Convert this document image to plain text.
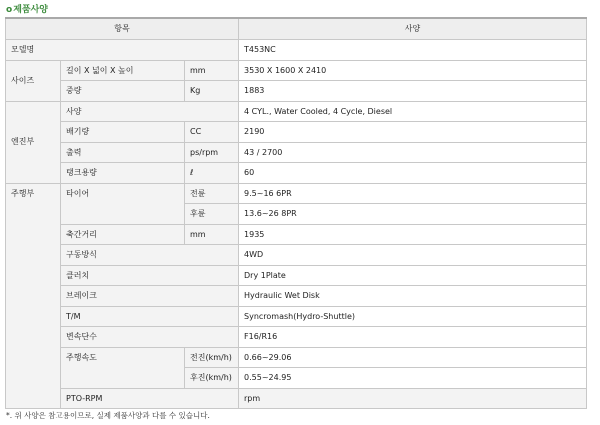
o제품사양
항목			사양	
모델명			T453NC	
사이즈	길이 X 넓이 X 높이	mm	3530 X 1600 X 2410	
	중량	Kg	1883	
엔진부	사양		4 CYL., Water Cooled, 4 Cycle, Diesel	
	배기량	CC	2190	
	출력	ps/rpm	43 / 2700	
	탱크용량	ℓ	60	
주행부	타이어	전륜	9.5~16 6PR	
		후륜	13.6~26 8PR	
	축간거리	mm	1935	
	구동방식		4WD	
	클러치		Dry 1Plate	
	브레이크		Hydraulic Wet Disk	
	T/M		Syncromash(Hydro-Shuttle)	
	변속단수		F16/R16	
	주행속도	전진(km/h)	0.66~29.06	
		후진(km/h)	0.55~24.95	
	PTO-RPM		rpm	
*. 위 사양은 참고용이므로, 실제 제품사양과 다를 수 있습니다.
